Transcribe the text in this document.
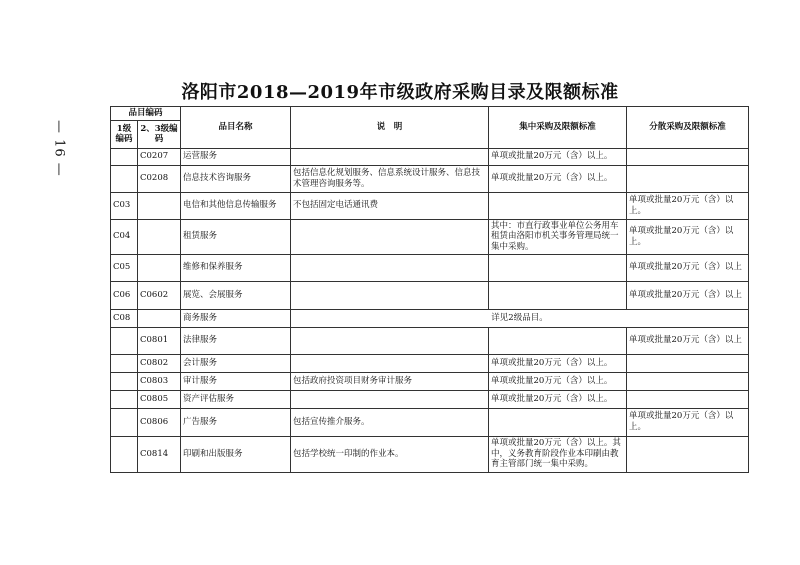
— 16 —
洛阳市2018—2019年市级政府采购目录及限额标准
品目编码		品目名称	说　明	集中采购及限额标准	分散采购及限额标准
1级编码	2、3级编码				
	C0207	运营服务		单项或批量20万元（含）以上。	
	C0208	信息技术咨询服务	包括信息化规划服务、信息系统设计服务、信息技术管理咨询服务等。	单项或批量20万元（含）以上。	
C03		电信和其他信息传输服务	不包括固定电话通讯费		单项或批量20万元（含）以上。
C04		租赁服务		其中：市直行政事业单位公务用车租赁由洛阳市机关事务管理局统一集中采购。	单项或批量20万元（含）以上。
C05		维修和保养服务			单项或批量20万元（含）以上
C06	C0602	展览、会展服务			单项或批量20万元（含）以上
C08		商务服务	详见2级品目。		
	C0801	法律服务			单项或批量20万元（含）以上
	C0802	会计服务		单项或批量20万元（含）以上。	
	C0803	审计服务	包括政府投资项目财务审计服务	单项或批量20万元（含）以上。	
	C0805	资产评估服务		单项或批量20万元（含）以上。	
	C0806	广告服务	包括宣传推介服务。		单项或批量20万元（含）以上。
	C0814	印刷和出版服务	包括学校统一印制的作业本。	单项或批量20万元（含）以上。其中，义务教育阶段作业本印刷由教育主管部门统一集中采购。	
